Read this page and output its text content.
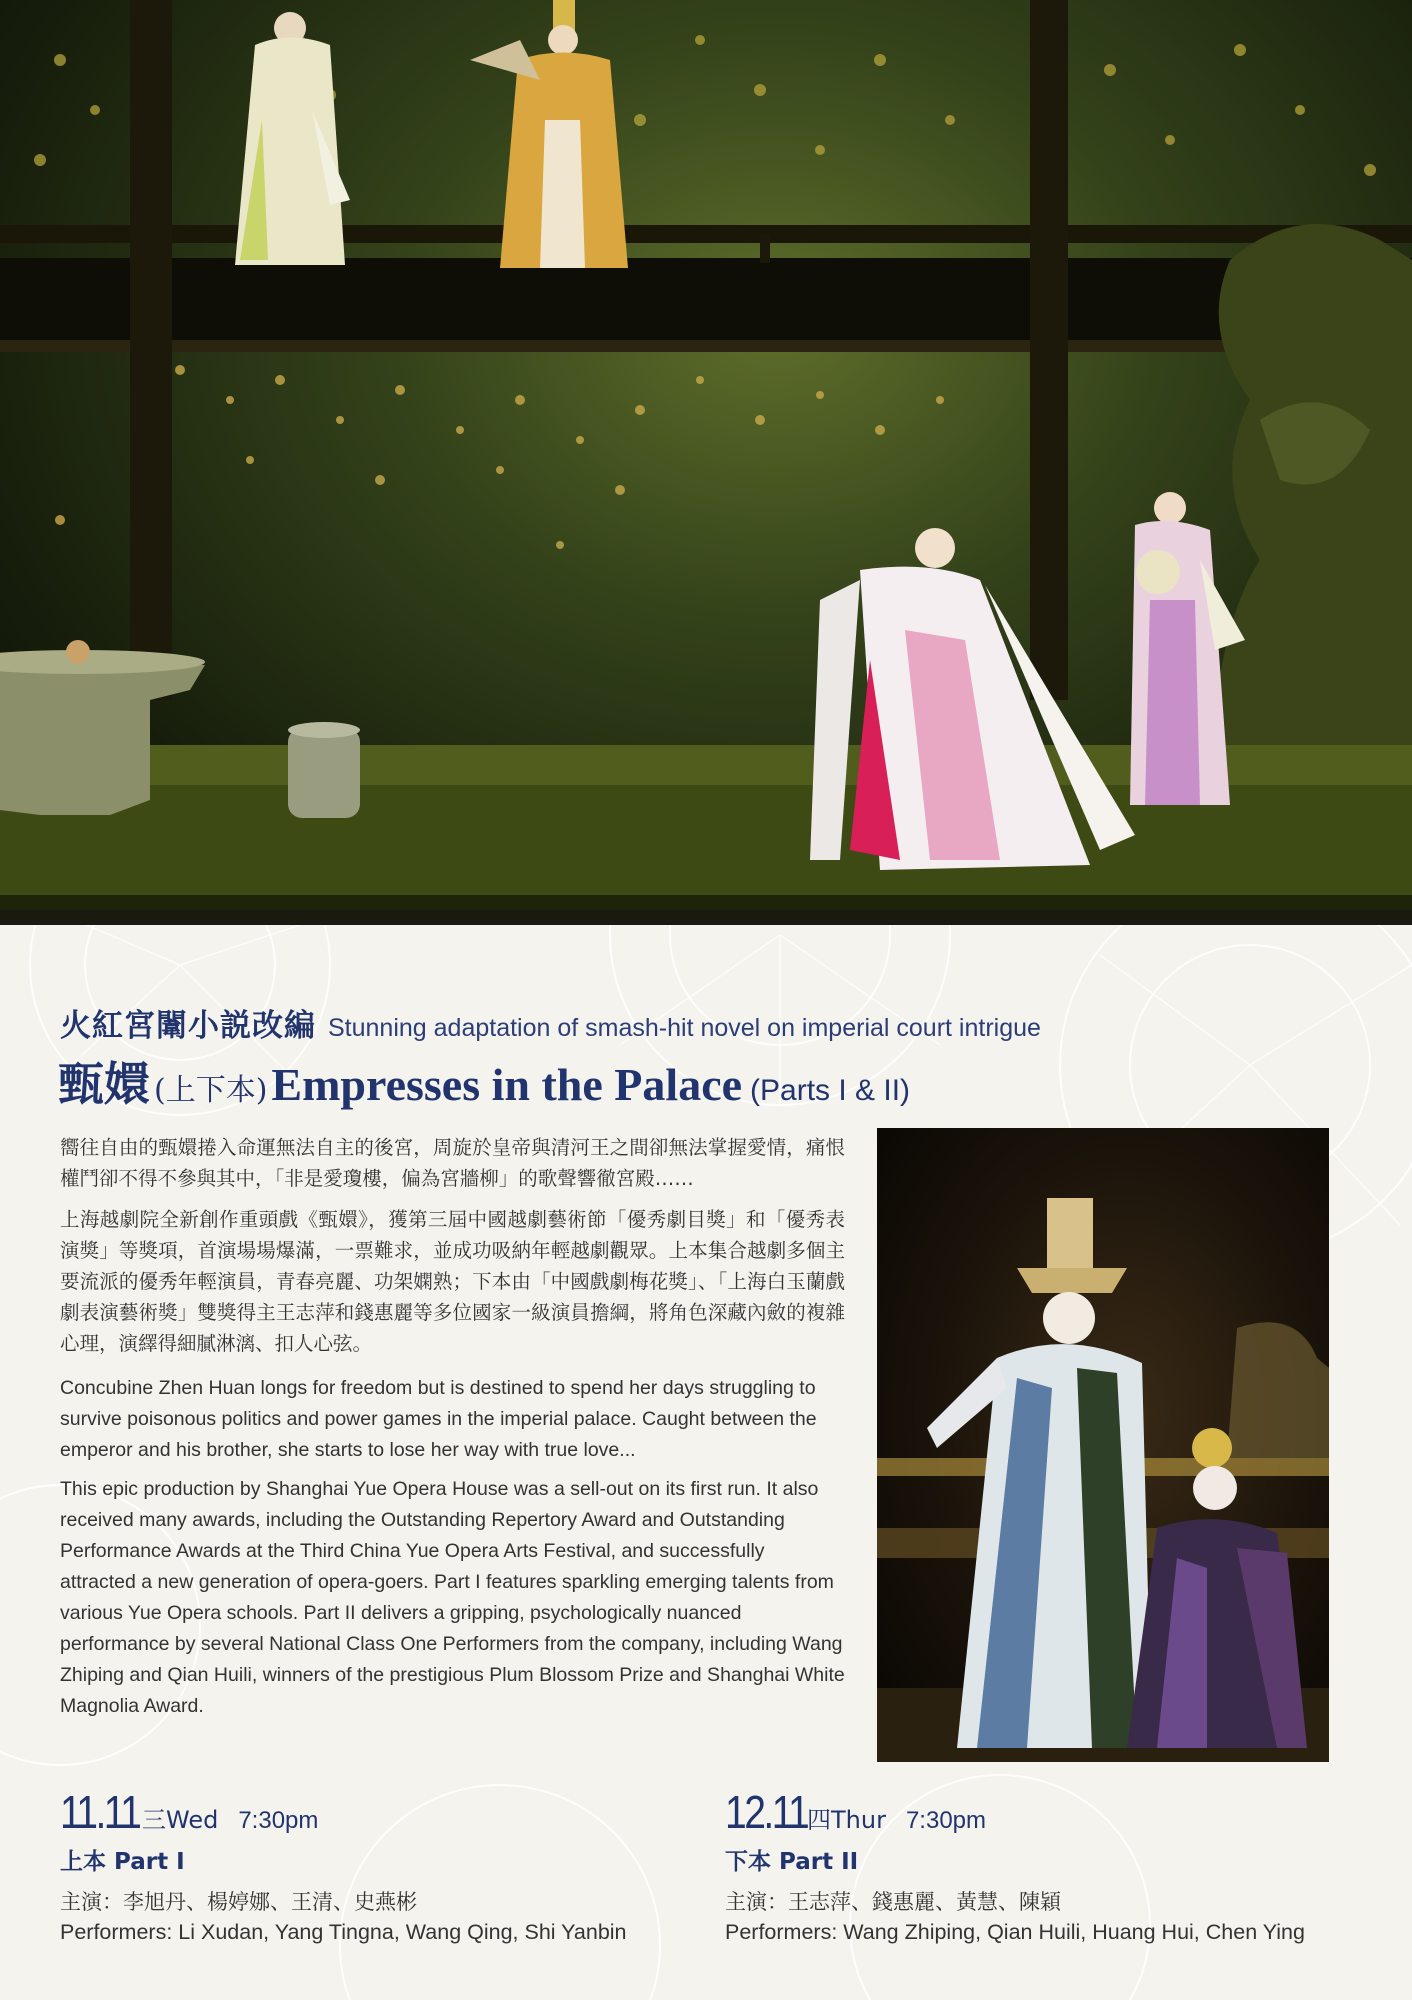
火紅宮闈小説改編 Stunning adaptation of smash-hit novel on imperial court intrigue
甄嬛 (上下本) Empresses in the Palace (Parts I & II)

嚮往自由的甄嬛捲入命運無法自主的後宮，周旋於皇帝與清河王之間卻無法掌握愛情，痛恨權鬥卻不得不參與其中，「非是愛瓊樓，偏為宮牆柳」的歌聲響徹宮殿……

上海越劇院全新創作重頭戲《甄嬛》，獲第三屆中國越劇藝術節「優秀劇目獎」和「優秀表演獎」等獎項，首演場場爆滿，一票難求，並成功吸納年輕越劇觀眾。上本集合越劇多個主要流派的優秀年輕演員，青春亮麗、功架嫻熟；下本由「中國戲劇梅花獎」、「上海白玉蘭戲劇表演藝術獎」雙獎得主王志萍和錢惠麗等多位國家一級演員擔綱，將角色深藏內斂的複雜心理，演繹得細膩淋漓、扣人心弦。

Concubine Zhen Huan longs for freedom but is destined to spend her days struggling to survive poisonous politics and power games in the imperial palace. Caught between the emperor and his brother, she starts to lose her way with true love...

This epic production by Shanghai Yue Opera House was a sell-out on its first run. It also received many awards, including the Outstanding Repertory Award and Outstanding Performance Awards at the Third China Yue Opera Arts Festival, and successfully attracted a new generation of opera-goers. Part I features sparkling emerging talents from various Yue Opera schools. Part II delivers a gripping, psychologically nuanced performance by several National Class One Performers from the company, including Wang Zhiping and Qian Huili, winners of the prestigious Plum Blossom Prize and Shanghai White Magnolia Award.

11.11 三Wed 7:30pm
上本 Part I
主演：李旭丹、楊婷娜、王清、史燕彬
Performers: Li Xudan, Yang Tingna, Wang Qing, Shi Yanbin
12.11 四Thur 7:30pm
下本 Part II
主演：王志萍、錢惠麗、黃慧、陳穎
Performers: Wang Zhiping, Qian Huili, Huang Hui, Chen Ying
